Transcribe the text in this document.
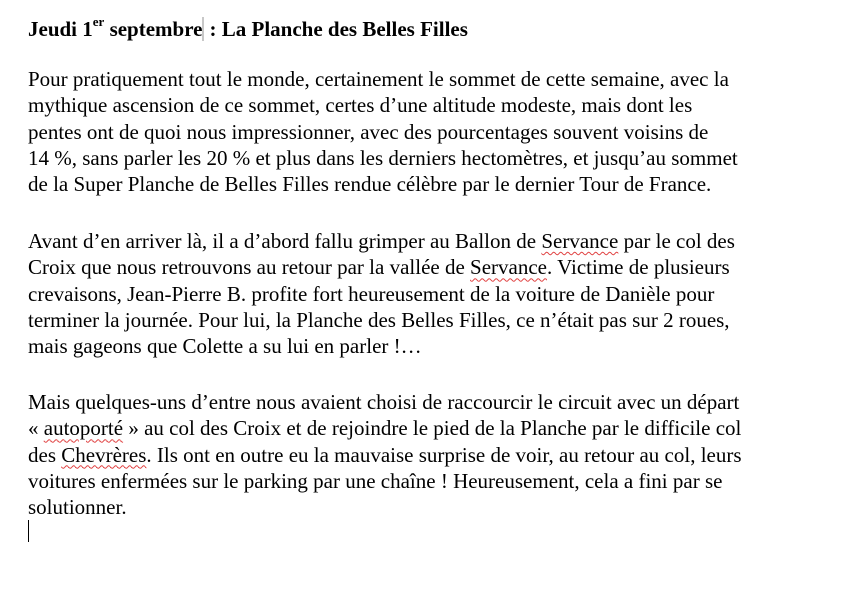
Jeudi 1er septembre  : La Planche des Belles Filles
Pour pratiquement tout le monde, certainement le sommet de cette semaine, avec la
mythique ascension de ce sommet, certes d’une altitude modeste, mais dont les
pentes ont de quoi nous impressionner, avec des pourcentages souvent voisins de
14 %, sans parler les 20 % et plus dans les derniers hectomètres, et jusqu’au sommet
de la Super Planche de Belles Filles rendue célèbre par le dernier Tour de France.
Avant d’en arriver là, il a d’abord fallu grimper au Ballon de Servance par le col des
Croix que nous retrouvons au retour par la vallée de Servance. Victime de plusieurs
crevaisons, Jean-Pierre B. profite fort heureusement de la voiture de Danièle pour
terminer la journée. Pour lui, la Planche des Belles Filles, ce n’était pas sur 2 roues,
mais gageons que Colette a su lui en parler !…
Mais quelques-uns d’entre nous avaient choisi de raccourcir le circuit avec un départ
« autoporté » au col des Croix et de rejoindre le pied de la Planche par le difficile col
des Chevrères. Ils ont en outre eu la mauvaise surprise de voir, au retour au col, leurs
voitures enfermées sur le parking par une chaîne ! Heureusement, cela a fini par se
solutionner.
